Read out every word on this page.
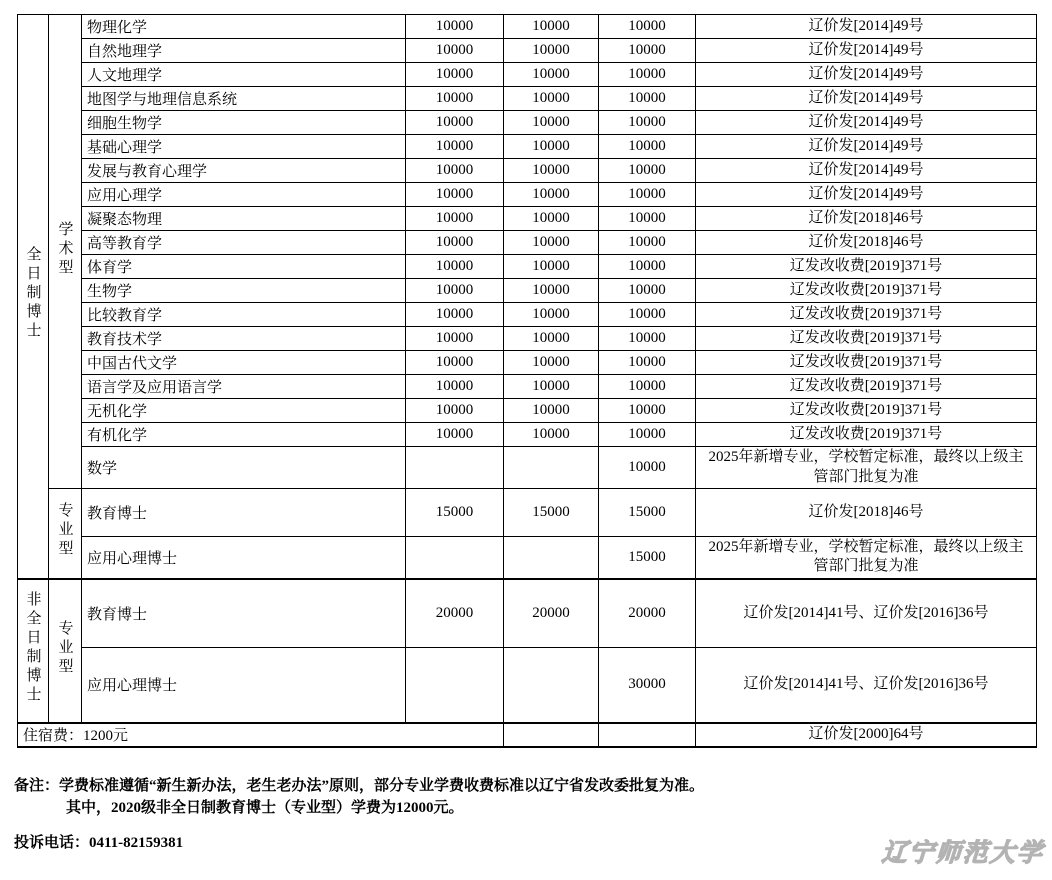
全日制博士	学术型	物理化学	10000	10000	10000	辽价发[2014]49号
		自然地理学	10000	10000	10000	辽价发[2014]49号
		人文地理学	10000	10000	10000	辽价发[2014]49号
		地图学与地理信息系统	10000	10000	10000	辽价发[2014]49号
		细胞生物学	10000	10000	10000	辽价发[2014]49号
		基础心理学	10000	10000	10000	辽价发[2014]49号
		发展与教育心理学	10000	10000	10000	辽价发[2014]49号
		应用心理学	10000	10000	10000	辽价发[2014]49号
		凝聚态物理	10000	10000	10000	辽价发[2018]46号
		高等教育学	10000	10000	10000	辽价发[2018]46号
		体育学	10000	10000	10000	辽发改收费[2019]371号
		生物学	10000	10000	10000	辽发改收费[2019]371号
		比较教育学	10000	10000	10000	辽发改收费[2019]371号
		教育技术学	10000	10000	10000	辽发改收费[2019]371号
		中国古代文学	10000	10000	10000	辽发改收费[2019]371号
		语言学及应用语言学	10000	10000	10000	辽发改收费[2019]371号
		无机化学	10000	10000	10000	辽发改收费[2019]371号
		有机化学	10000	10000	10000	辽发改收费[2019]371号
		数学			10000	2025年新增专业，学校暂定标准，最终以上级主管部门批复为准
	专业型	教育博士	15000	15000	15000	辽价发[2018]46号
		应用心理博士			15000	2025年新增专业，学校暂定标准，最终以上级主管部门批复为准
非全日制博士	专业型	教育博士	20000	20000	20000	辽价发[2014]41号、辽价发[2016]36号
		应用心理博士			30000	辽价发[2014]41号、辽价发[2016]36号
住宿费：1200元						辽价发[2000]64号
备注：学费标准遵循“新生新办法，老生老办法”原则，部分专业学费收费标准以辽宁省发改委批复为准。
其中，2020级非全日制教育博士（专业型）学费为12000元。
投诉电话：0411-82159381	辽宁师范大学
